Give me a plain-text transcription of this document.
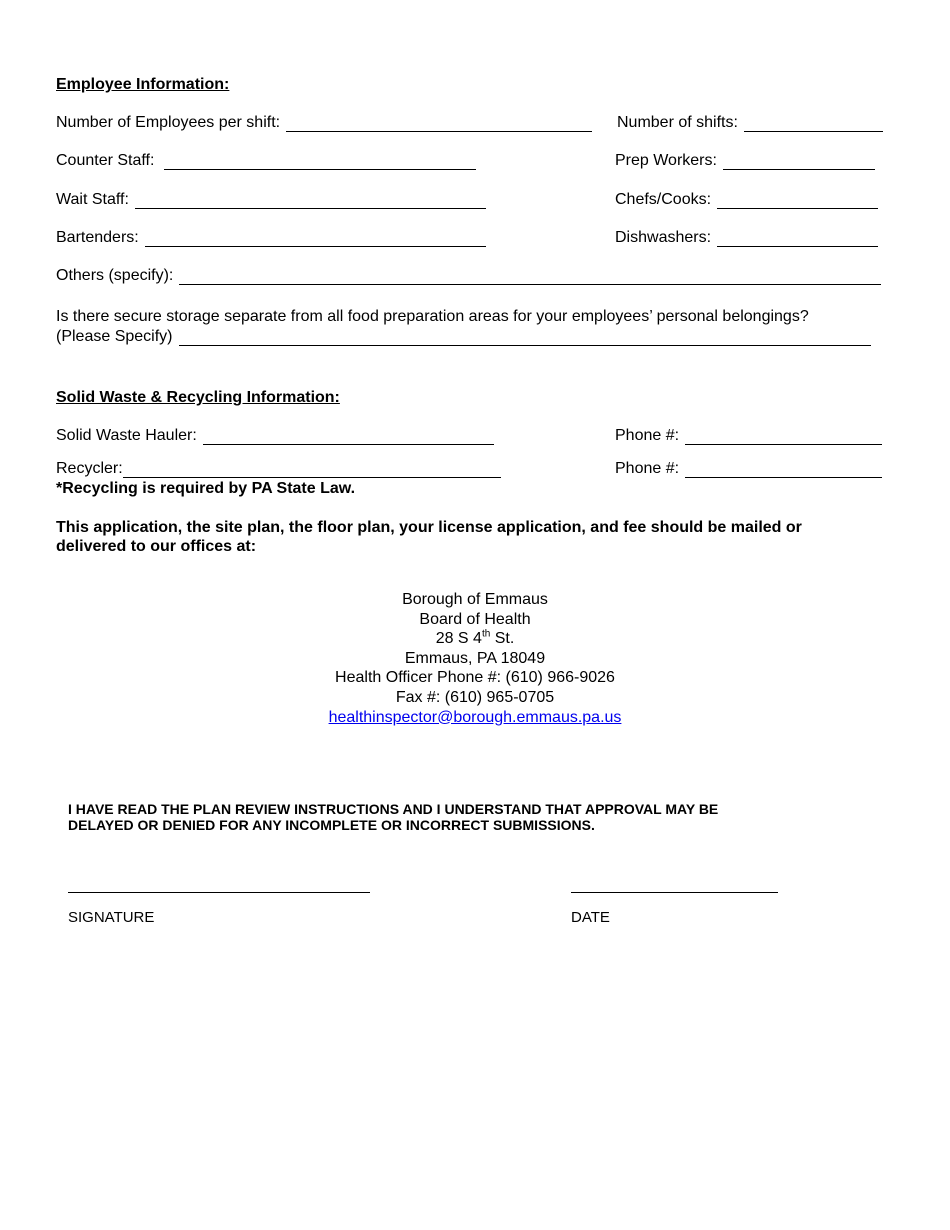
Employee Information:
Number of Employees per shift:	Number of shifts:
Counter Staff:	Prep Workers:
Wait Staff:	Chefs/Cooks:
Bartenders:	Dishwashers:
Others (specify):
Is there secure storage separate from all food preparation areas for your employees’ personal belongings?
(Please Specify)
Solid Waste & Recycling Information:
Solid Waste Hauler:	Phone #:
Recycler:	Phone #:
*Recycling is required by PA State Law.
This application, the site plan, the floor plan, your license application, and fee should be mailed or
delivered to our offices at:
Borough of Emmaus
Board of Health
28 S 4th St.
Emmaus, PA 18049
Health Officer Phone #: (610) 966-9026
Fax #: (610) 965-0705
healthinspector@borough.emmaus.pa.us
I HAVE READ THE PLAN REVIEW INSTRUCTIONS AND I UNDERSTAND THAT APPROVAL MAY BE
DELAYED OR DENIED FOR ANY INCOMPLETE OR INCORRECT SUBMISSIONS.
SIGNATURE	DATE
